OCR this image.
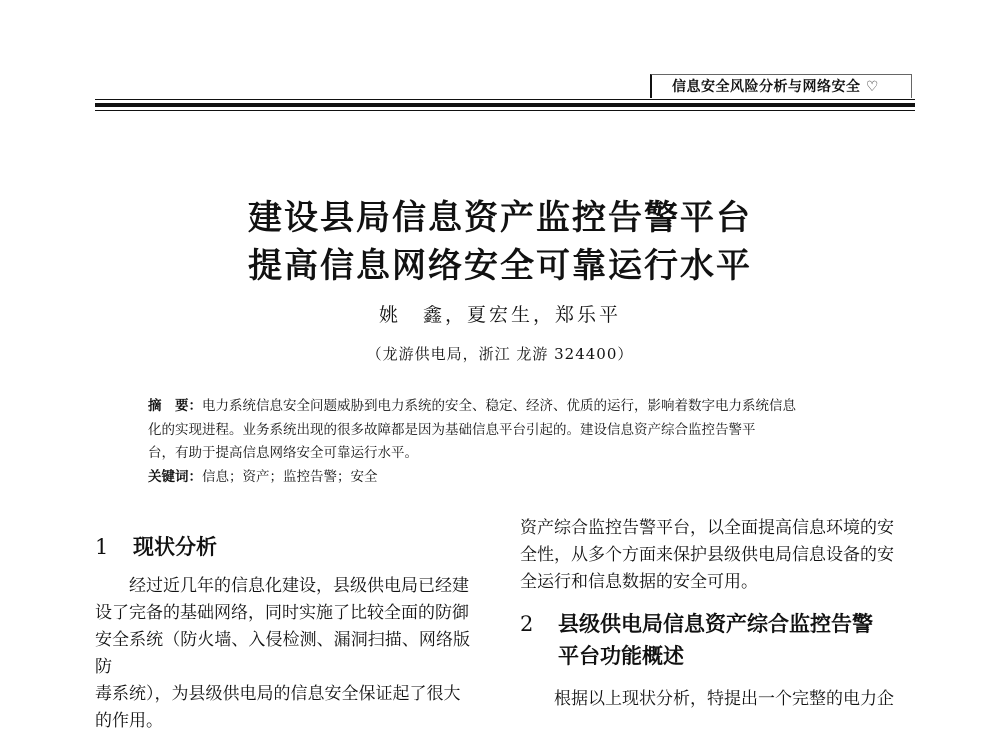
信息安全风险分析与网络安全 ♡
建设县局信息资产监控告警平台
提高信息网络安全可靠运行水平
姚　鑫，夏宏生，郑乐平
（龙游供电局，浙江 龙游 324400）
摘　要：电力系统信息安全问题威胁到电力系统的安全、稳定、经济、优质的运行，影响着数字电力系统信息
化的实现进程。业务系统出现的很多故障都是因为基础信息平台引起的。建设信息资产综合监控告警平
台，有助于提高信息网络安全可靠运行水平。
关键词：信息；资产；监控告警；安全
1	现状分析
经过近几年的信息化建设，县级供电局已经建
设了完备的基础网络，同时实施了比较全面的防御
安全系统（防火墙、入侵检测、漏洞扫描、网络版防
毒系统），为县级供电局的信息安全保证起了很大
的作用。
资产综合监控告警平台，以全面提高信息环境的安
全性，从多个方面来保护县级供电局信息设备的安
全运行和信息数据的安全可用。
2	县级供电局信息资产综合监控告警
平台功能概述
根据以上现状分析，特提出一个完整的电力企
